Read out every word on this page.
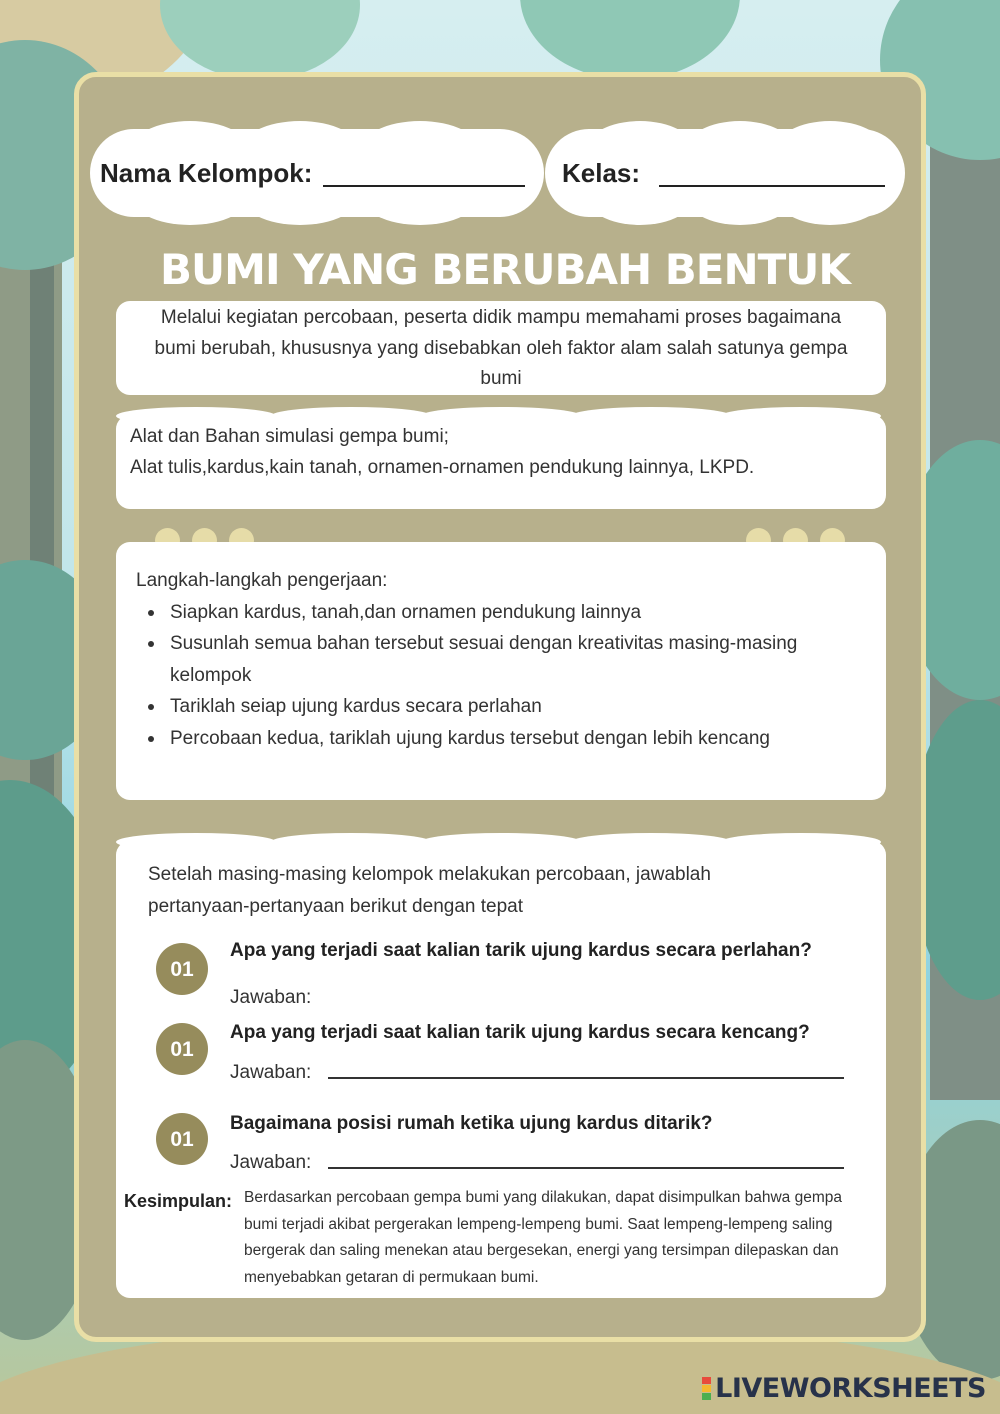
Nama Kelompok:	Kelas:
BUMI YANG BERUBAH BENTUK
Melalui kegiatan percobaan, peserta didik mampu memahami proses bagaimana bumi berubah, khususnya yang disebabkan oleh faktor alam salah satunya gempa bumi
Alat dan Bahan simulasi gempa bumi;
Alat tulis,kardus,kain tanah, ornamen-ornamen pendukung lainnya, LKPD.
Langkah-langkah pengerjaan:
Siapkan kardus, tanah,dan ornamen pendukung lainnya
Susunlah semua bahan tersebut sesuai dengan kreativitas masing-masing kelompok
Tariklah seiap ujung kardus secara perlahan
Percobaan kedua, tariklah ujung kardus tersebut dengan lebih kencang
Setelah masing-masing kelompok melakukan percobaan, jawablah pertanyaan-pertanyaan berikut dengan tepat
01
Apa yang terjadi saat kalian tarik ujung kardus secara perlahan?
Jawaban:
01
Apa yang terjadi saat kalian tarik ujung kardus secara kencang?
Jawaban:
01
Bagaimana posisi rumah ketika ujung kardus ditarik?
Jawaban:
Kesimpulan: Berdasarkan percobaan gempa bumi yang dilakukan, dapat disimpulkan bahwa gempa bumi terjadi akibat pergerakan lempeng-lempeng bumi. Saat lempeng-lempeng saling bergerak dan saling menekan atau bergesekan, energi yang tersimpan dilepaskan dan menyebabkan getaran di permukaan bumi.
LIVEWORKSHEETS
